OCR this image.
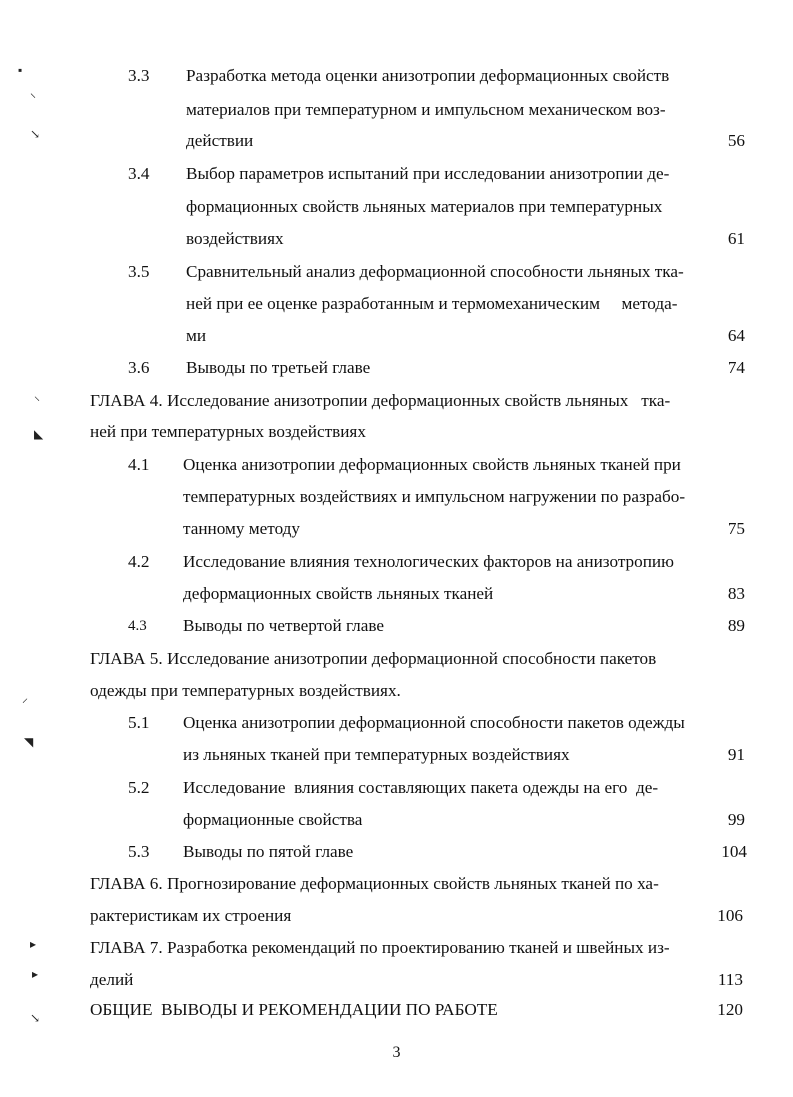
▪
⸌
↘
⸜
◣
⸝
◥
▸
▸
↘
3.3 Разработка метода оценки анизотропии деформационных свойств
материалов при температурном и импульсном механическом воз-
действии	56
3.4 Выбор параметров испытаний при исследовании анизотропии де-
формационных свойств льняных материалов при температурных
воздействиях	61
3.5 Сравнительный анализ деформационной способности льняных тка-
ней при ее оценке разработанным и термомеханическим     метода-
ми	64
3.6 Выводы по третьей главе	74
ГЛАВА 4. Исследование анизотропии деформационных свойств льняных   тка-
ней при температурных воздействиях
4.1 Оценка анизотропии деформационных свойств льняных тканей при
температурных воздействиях и импульсном нагружении по разрабо-
танному методу	75
4.2 Исследование влияния технологических факторов на анизотропию
деформационных свойств льняных тканей	83
4.3 Выводы по четвертой главе	89
ГЛАВА 5. Исследование анизотропии деформационной способности пакетов
одежды при температурных воздействиях.
5.1 Оценка анизотропии деформационной способности пакетов одежды
из льняных тканей при температурных воздействиях	91
5.2 Исследование  влияния составляющих пакета одежды на его  де-
формационные свойства	99
5.3 Выводы по пятой главе	104
ГЛАВА 6. Прогнозирование деформационных свойств льняных тканей по ха-
рактеристикам их строения	106
ГЛАВА 7. Разработка рекомендаций по проектированию тканей и швейных из-
делий	113
ОБЩИЕ  ВЫВОДЫ И РЕКОМЕНДАЦИИ ПО РАБОТЕ	120
3
